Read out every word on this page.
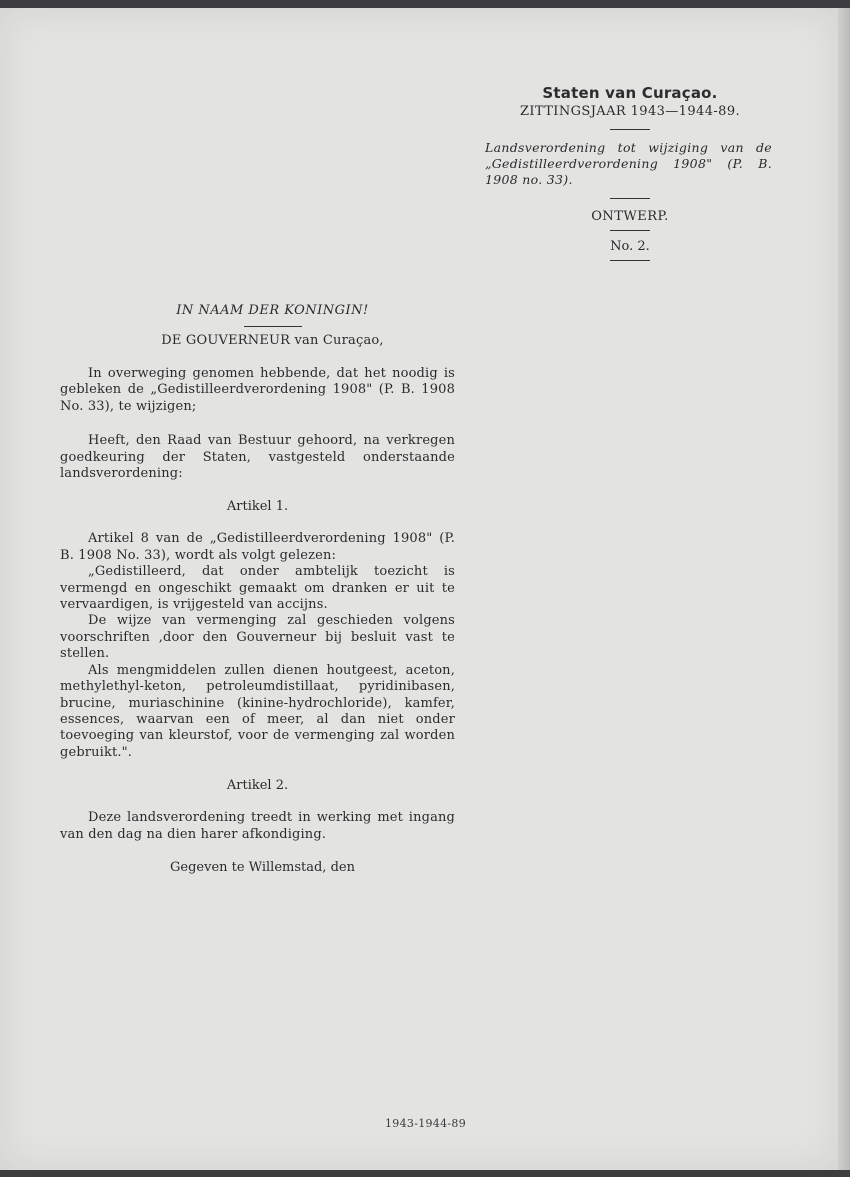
Staten van Curaçao.
ZITTINGSJAAR 1943—1944-89.
Landsverordening tot wijziging van de „Gedistilleerdverordening 1908" (P. B. 1908 no. 33).
ONTWERP.
No. 2.
IN NAAM DER KONINGIN!
DE GOUVERNEUR van Curaçao,

In overweging genomen hebbende, dat het noodig is gebleken de „Gedistilleerdverordening 1908" (P. B. 1908 No. 33), te wijzigen;

Heeft, den Raad van Bestuur gehoord, na verkregen goedkeuring der Staten, vastgesteld onderstaande landsverordening:

Artikel 1.

Artikel 8 van de „Gedistilleerdverordening 1908" (P. B. 1908 No. 33), wordt als volgt gelezen:

„Gedistilleerd, dat onder ambtelijk toezicht is vermengd en ongeschikt gemaakt om dranken er uit te vervaardigen, is vrijgesteld van accijns.

De wijze van vermenging zal geschieden volgens voorschriften ,door den Gouverneur bij besluit vast te stellen.

Als mengmiddelen zullen dienen houtgeest, aceton, methylethyl-keton, petroleumdistillaat, pyridinibasen, brucine, muriaschinine (kinine-hydrochloride), kamfer, essences, waarvan een of meer, al dan niet onder toevoeging van kleurstof, voor de vermenging zal worden gebruikt.".

Artikel 2.

Deze landsverordening treedt in werking met ingang van den dag na dien harer afkondiging.

Gegeven te Willemstad, den
1943-1944-89
